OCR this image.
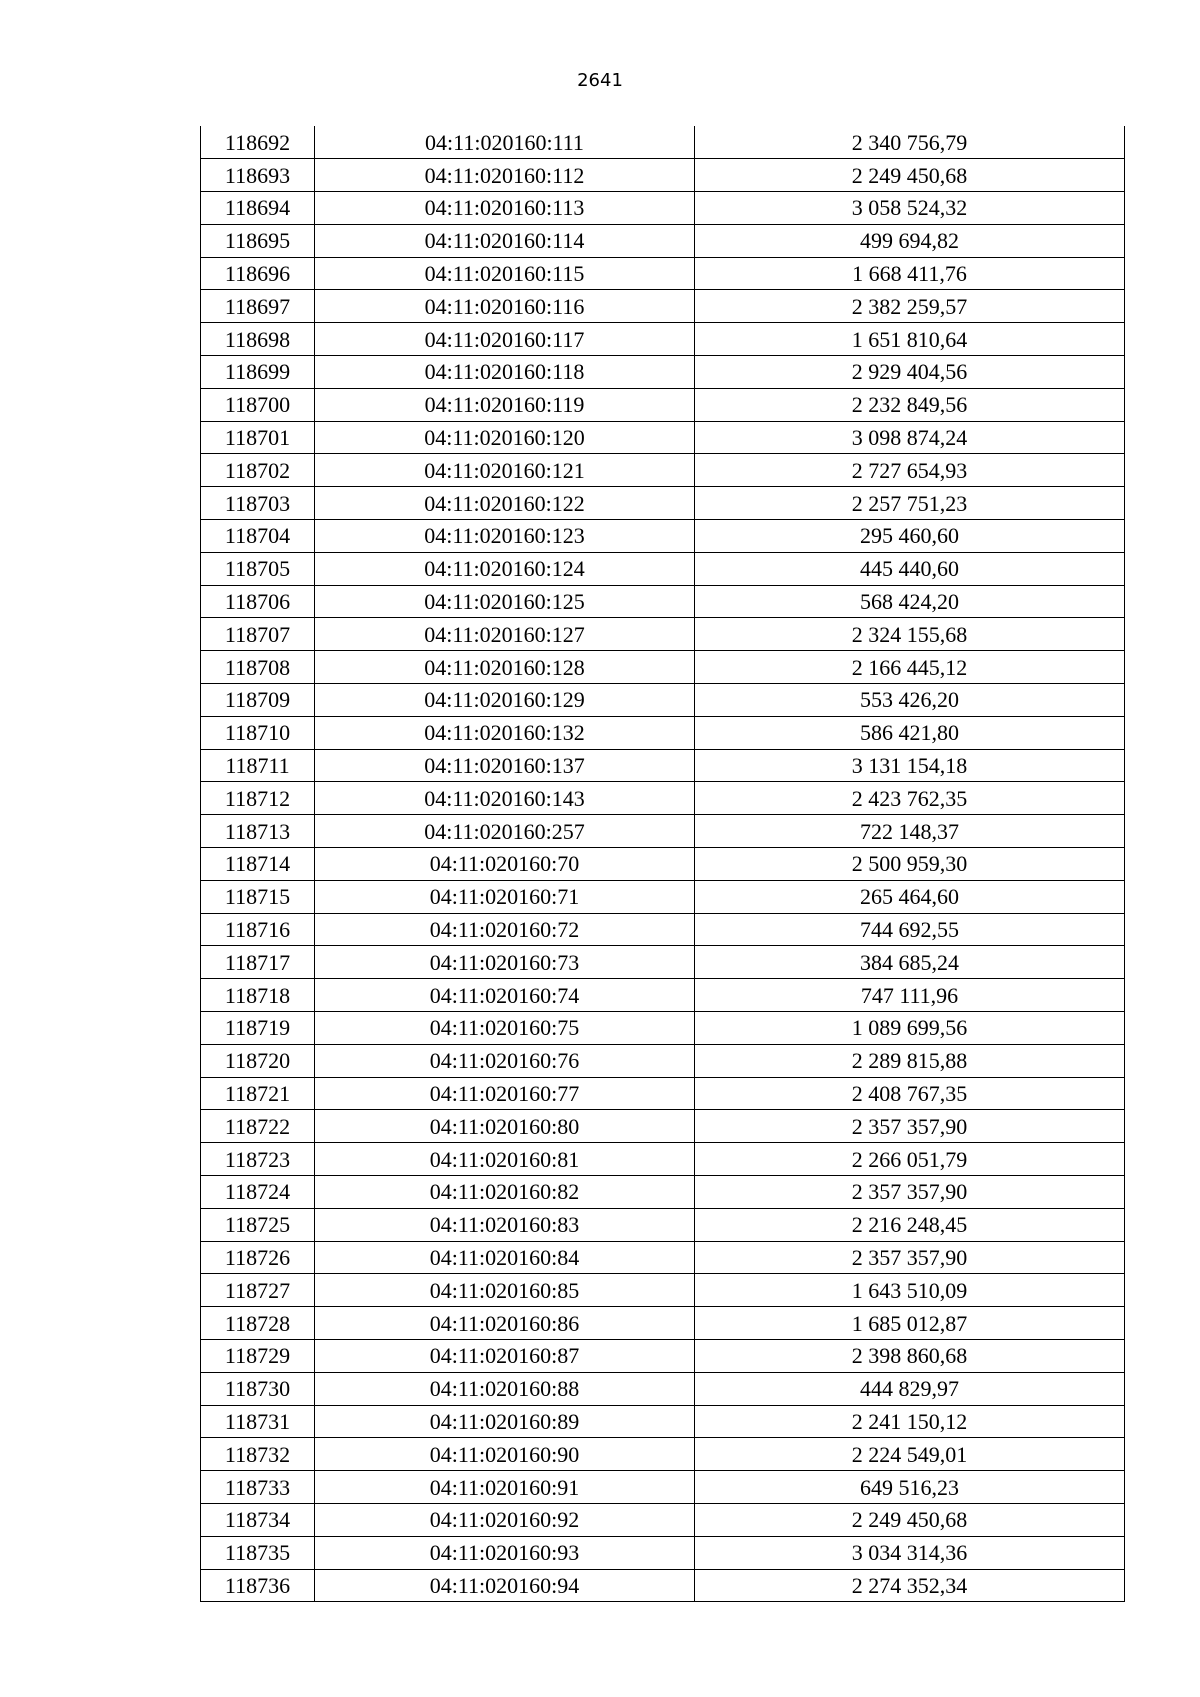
2641
118692	04:11:020160:111	2 340 756,79
118693	04:11:020160:112	2 249 450,68
118694	04:11:020160:113	3 058 524,32
118695	04:11:020160:114	499 694,82
118696	04:11:020160:115	1 668 411,76
118697	04:11:020160:116	2 382 259,57
118698	04:11:020160:117	1 651 810,64
118699	04:11:020160:118	2 929 404,56
118700	04:11:020160:119	2 232 849,56
118701	04:11:020160:120	3 098 874,24
118702	04:11:020160:121	2 727 654,93
118703	04:11:020160:122	2 257 751,23
118704	04:11:020160:123	295 460,60
118705	04:11:020160:124	445 440,60
118706	04:11:020160:125	568 424,20
118707	04:11:020160:127	2 324 155,68
118708	04:11:020160:128	2 166 445,12
118709	04:11:020160:129	553 426,20
118710	04:11:020160:132	586 421,80
118711	04:11:020160:137	3 131 154,18
118712	04:11:020160:143	2 423 762,35
118713	04:11:020160:257	722 148,37
118714	04:11:020160:70	2 500 959,30
118715	04:11:020160:71	265 464,60
118716	04:11:020160:72	744 692,55
118717	04:11:020160:73	384 685,24
118718	04:11:020160:74	747 111,96
118719	04:11:020160:75	1 089 699,56
118720	04:11:020160:76	2 289 815,88
118721	04:11:020160:77	2 408 767,35
118722	04:11:020160:80	2 357 357,90
118723	04:11:020160:81	2 266 051,79
118724	04:11:020160:82	2 357 357,90
118725	04:11:020160:83	2 216 248,45
118726	04:11:020160:84	2 357 357,90
118727	04:11:020160:85	1 643 510,09
118728	04:11:020160:86	1 685 012,87
118729	04:11:020160:87	2 398 860,68
118730	04:11:020160:88	444 829,97
118731	04:11:020160:89	2 241 150,12
118732	04:11:020160:90	2 224 549,01
118733	04:11:020160:91	649 516,23
118734	04:11:020160:92	2 249 450,68
118735	04:11:020160:93	3 034 314,36
118736	04:11:020160:94	2 274 352,34
